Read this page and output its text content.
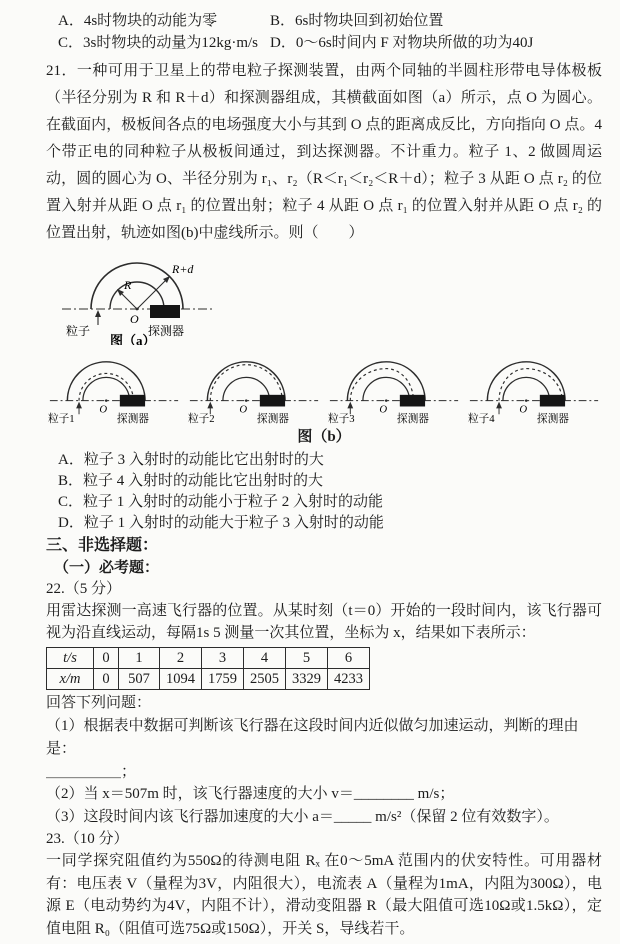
A．4s时物块的动能为零	B．6s时物块回到初始位置
C．3s时物块的动量为12kg·m/s D．0～6s时间内 F 对物块所做的功为40J
21．一种可用于卫星上的带电粒子探测装置，由两个同轴的半圆柱形带电导体极板（半径分别为 R 和 R＋d）和探测器组成，其横截面如图（a）所示，点 O 为圆心。在截面内，极板间各点的电场强度大小与其到 O 点的距离成反比，方向指向 O 点。4 个带正电的同种粒子从极板间通过，到达探测器。不计重力。粒子 1、2 做圆周运动，圆的圆心为 O、半径分别为 r₁、r₂（R＜r₁＜r₂＜R＋d）；粒子 3 从距 O 点 r₂ 的位置入射并从距 O 点 r₁ 的位置出射；粒子 4 从距 O 点 r₁ 的位置入射并从距 O 点 r₂ 的位置出射，轨迹如图(b)中虚线所示。则（　　）
R
R+d
O
粒子	探测器
图（a）
O
粒子1	探测器
O
粒子2	探测器
O
粒子3	探测器
O
粒子4	探测器
图（b）
A．粒子 3 入射时的动能比它出射时的大
B．粒子 4 入射时的动能比它出射时的大
C．粒子 1 入射时的动能小于粒子 2 入射时的动能
D．粒子 1 入射时的动能大于粒子 3 入射时的动能
三、非选择题：
（一）必考题：
22.（5 分）
用雷达探测一高速飞行器的位置。从某时刻（t＝0）开始的一段时间内，该飞行器可视为沿直线运动，每隔1s 5 测量一次其位置，坐标为 x，结果如下表所示：
t/s	0	1	2	3	4	5	6
x/m	0	507	1094	1759	2505	3329	4233
回答下列问题：
（1）根据表中数据可判断该飞行器在这段时间内近似做匀加速运动，判断的理由是：
＿＿＿＿＿；
（2）当 x＝507m 时，该飞行器速度的大小 v＝________ m/s；
（3）这段时间内该飞行器加速度的大小 a＝_____ m/s²（保留 2 位有效数字）。
23.（10 分）
一同学探究阻值约为550Ω的待测电阻 Rₓ 在0～5mA 范围内的伏安特性。可用器材有：电压表 V（量程为3V，内阻很大），电流表 A（量程为1mA，内阻为300Ω），电源 E（电动势约为4V，内阻不计），滑动变阻器 R（最大阻值可选10Ω或1.5kΩ），定值电阻 R₀（阻值可选75Ω或150Ω），开关 S，导线若干。
